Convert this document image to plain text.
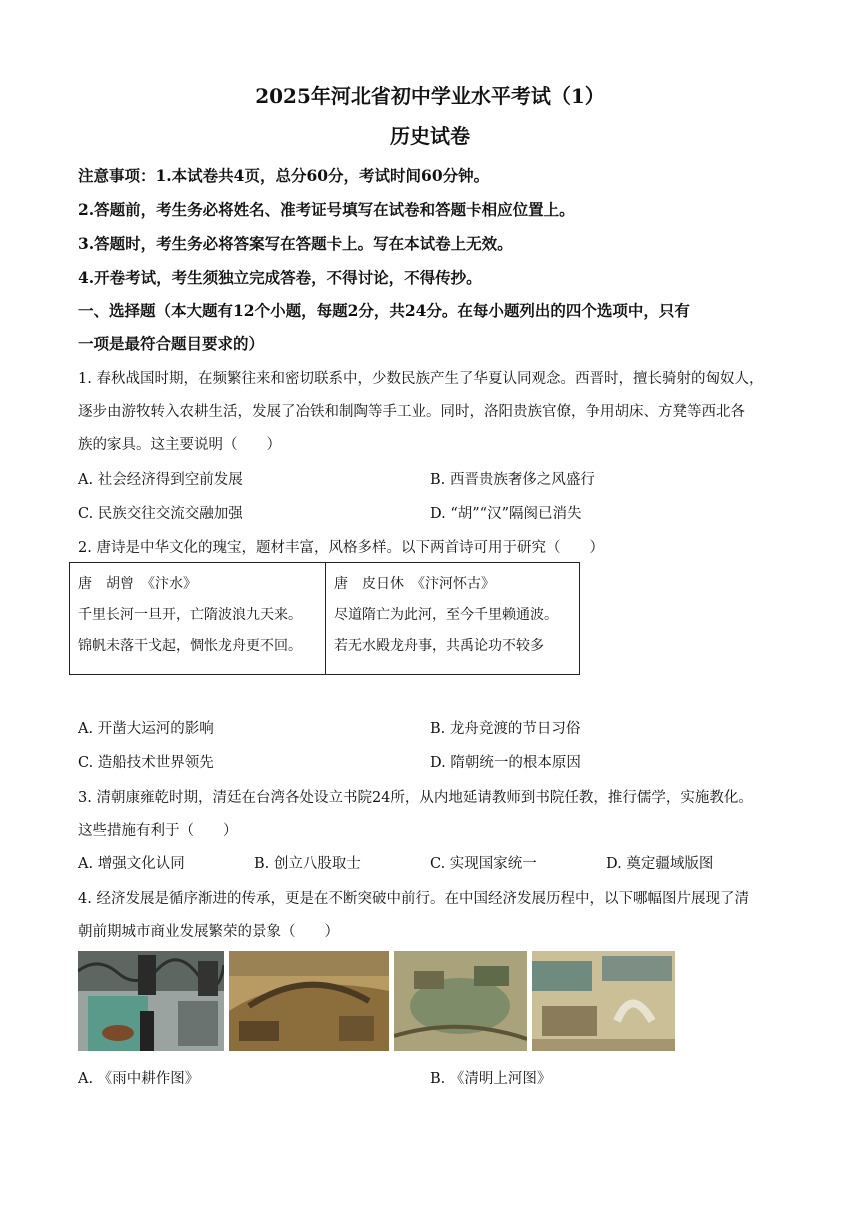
2025年河北省初中学业水平考试（1）
历史试卷
注意事项：1.本试卷共4页，总分60分，考试时间60分钟。
2.答题前，考生务必将姓名、准考证号填写在试卷和答题卡相应位置上。
3.答题时，考生务必将答案写在答题卡上。写在本试卷上无效。
4.开卷考试，考生须独立完成答卷，不得讨论，不得传抄。
一、选择题（本大题有12个小题，每题2分，共24分。在每小题列出的四个选项中，只有
一项是最符合题目要求的）
1. 春秋战国时期，在频繁往来和密切联系中，少数民族产生了华夏认同观念。西晋时，擅长骑射的匈奴人，
逐步由游牧转入农耕生活，发展了冶铁和制陶等手工业。同时，洛阳贵族官僚，争用胡床、方凳等西北各
族的家具。这主要说明（　　）
A. 社会经济得到空前发展	B. 西晋贵族奢侈之风盛行
C. 民族交往交流交融加强	D. “胡”“汉”隔阂已消失
2. 唐诗是中华文化的瑰宝，题材丰富，风格多样。以下两首诗可用于研究（　　）
唐　胡曾　《汴水》
千里长河一旦开，亡隋波浪九天来。
锦帆未落干戈起，惆怅龙舟更不回。

唐　皮日休　《汴河怀古》
尽道隋亡为此河，至今千里赖通波。
若无水殿龙舟事，共禹论功不较多
A. 开凿大运河的影响	B. 龙舟竞渡的节日习俗
C. 造船技术世界领先	D. 隋朝统一的根本原因
3. 清朝康雍乾时期，清廷在台湾各处设立书院24所，从内地延请教师到书院任教，推行儒学，实施教化。
这些措施有利于（　　）
A. 增强文化认同	B. 创立八股取士	C. 实现国家统一	D. 奠定疆域版图
4. 经济发展是循序渐进的传承，更是在不断突破中前行。在中国经济发展历程中，以下哪幅图片展现了清
朝前期城市商业发展繁荣的景象（　　）
A. 《雨中耕作图》	B. 《清明上河图》
